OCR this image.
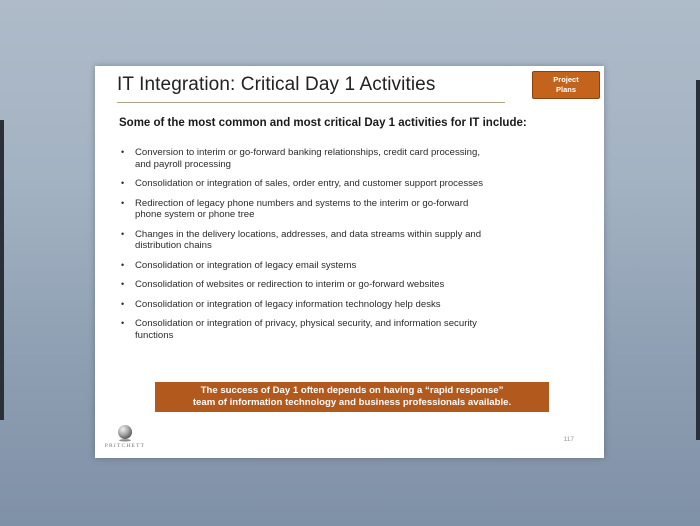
IT Integration: Critical Day 1 Activities	Project
Plans
Some of the most common and most critical Day 1 activities for IT include:
• Conversion to interim or go-forward banking relationships, credit card processing,
and payroll processing
• Consolidation or integration of sales, order entry, and customer support processes
• Redirection of legacy phone numbers and systems to the interim or go-forward
phone system or phone tree
• Changes in the delivery locations, addresses, and data streams within supply and
distribution chains
• Consolidation or integration of legacy email systems
• Consolidation of websites or redirection to interim or go-forward websites
• Consolidation or integration of legacy information technology help desks
• Consolidation or integration of privacy, physical security, and information security
functions
The success of Day 1 often depends on having a “rapid response”
team of information technology and business professionals available.
PRITCHETT
117
